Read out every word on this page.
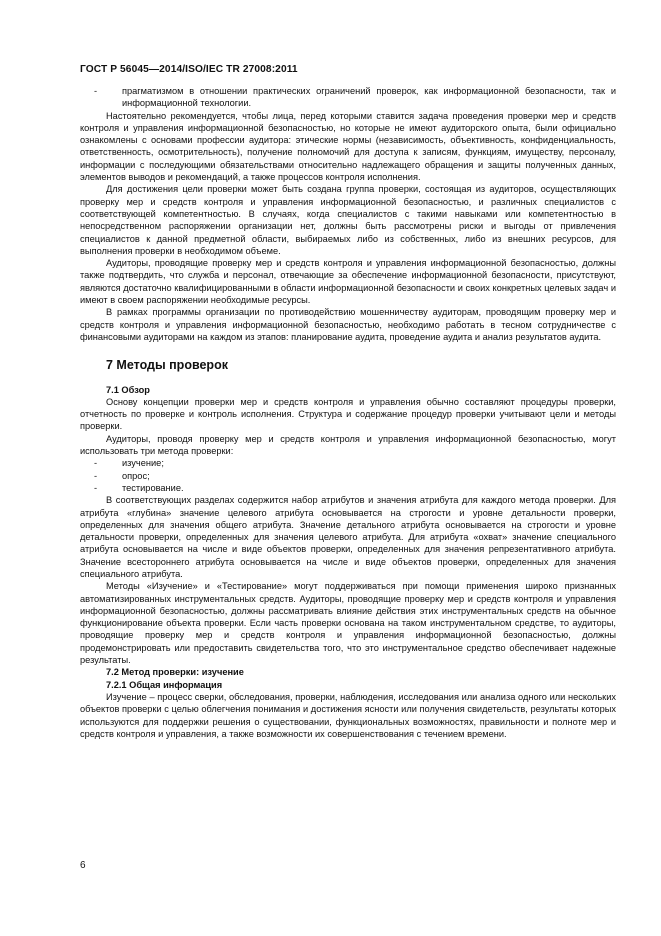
ГОСТ Р 56045—2014/ISO/IEC TR 27008:2011
-	прагматизмом в отношении практических ограничений проверок, как информационной безопасности, так и информационной технологии.

Настоятельно рекомендуется, чтобы лица, перед которыми ставится задача проведения проверки мер и средств контроля и управления информационной безопасностью, но которые не имеют аудиторского опыта, были официально ознакомлены с основами профессии аудитора: этические нормы (независимость, объективность, конфиденциальность, ответственность, осмотрительность), получение полномочий для доступа к записям, функциям, имуществу, персоналу, информации с последующими обязательствами относительно надлежащего обращения и защиты полученных данных, элементов выводов и рекомендаций, а также процессов контроля исполнения.

Для достижения цели проверки может быть создана группа проверки, состоящая из аудиторов, осуществляющих проверку мер и средств контроля и управления информационной безопасностью, и различных специалистов с соответствующей компетентностью. В случаях, когда специалистов с такими навыками или компетентностью в непосредственном распоряжении организации нет, должны быть рассмотрены риски и выгоды от привлечения специалистов к данной предметной области, выбираемых либо из собственных, либо из внешних ресурсов, для выполнения проверки в необходимом объеме.

Аудиторы, проводящие проверку мер и средств контроля и управления информационной безопасностью, должны также подтвердить, что служба и персонал, отвечающие за обеспечение информационной безопасности, присутствуют, являются достаточно квалифицированными в области информационной безопасности и своих конкретных целевых задач и имеют в своем распоряжении необходимые ресурсы.

В рамках программы организации по противодействию мошенничеству аудиторам, проводящим проверку мер и средств контроля и управления информационной безопасностью, необходимо работать в тесном сотрудничестве с финансовыми аудиторами на каждом из этапов: планирование аудита, проведение аудита и анализ результатов аудита.

7 Методы проверок
7.1 Обзор

Основу концепции проверки мер и средств контроля и управления обычно составляют процедуры проверки, отчетность по проверке и контроль исполнения. Структура и содержание процедур проверки учитывают цели и методы проверки.

Аудиторы, проводя проверку мер и средств контроля и управления информационной безопасностью, могут использовать три метода проверки:

-	изучение;
-	опрос;
-	тестирование.

В соответствующих разделах содержится набор атрибутов и значения атрибута для каждого метода проверки. Для атрибута «глубина» значение целевого атрибута основывается на строгости и уровне детальности проверки, определенных для значения общего атрибута. Значение детального атрибута основывается на строгости и уровне детальности проверки, определенных для значения целевого атрибута. Для атрибута «охват» значение специального атрибута основывается на числе и виде объектов проверки, определенных для значения репрезентативного атрибута. Значение всестороннего атрибута основывается на числе и виде объектов проверки, определенных для значения специального атрибута.

Методы «Изучение» и «Тестирование» могут поддерживаться при помощи применения широко признанных автоматизированных инструментальных средств. Аудиторы, проводящие проверку мер и средств контроля и управления информационной безопасностью, должны рассматривать влияние действия этих инструментальных средств на обычное функционирование объекта проверки. Если часть проверки основана на таком инструментальном средстве, то аудиторы, проводящие проверку мер и средств контроля и управления информационной безопасностью, должны продемонстрировать или предоставить свидетельства того, что это инструментальное средство обеспечивает надежные результаты.

7.2 Метод проверки: изучение
7.2.1 Общая информация

Изучение – процесс сверки, обследования, проверки, наблюдения, исследования или анализа одного или нескольких объектов проверки с целью облегчения понимания и достижения ясности или получения свидетельств, результаты которых используются для поддержки решения о существовании, функциональных возможностях, правильности и полноте мер и средств контроля и управления, а также возможности их совершенствования с течением времени.

6
